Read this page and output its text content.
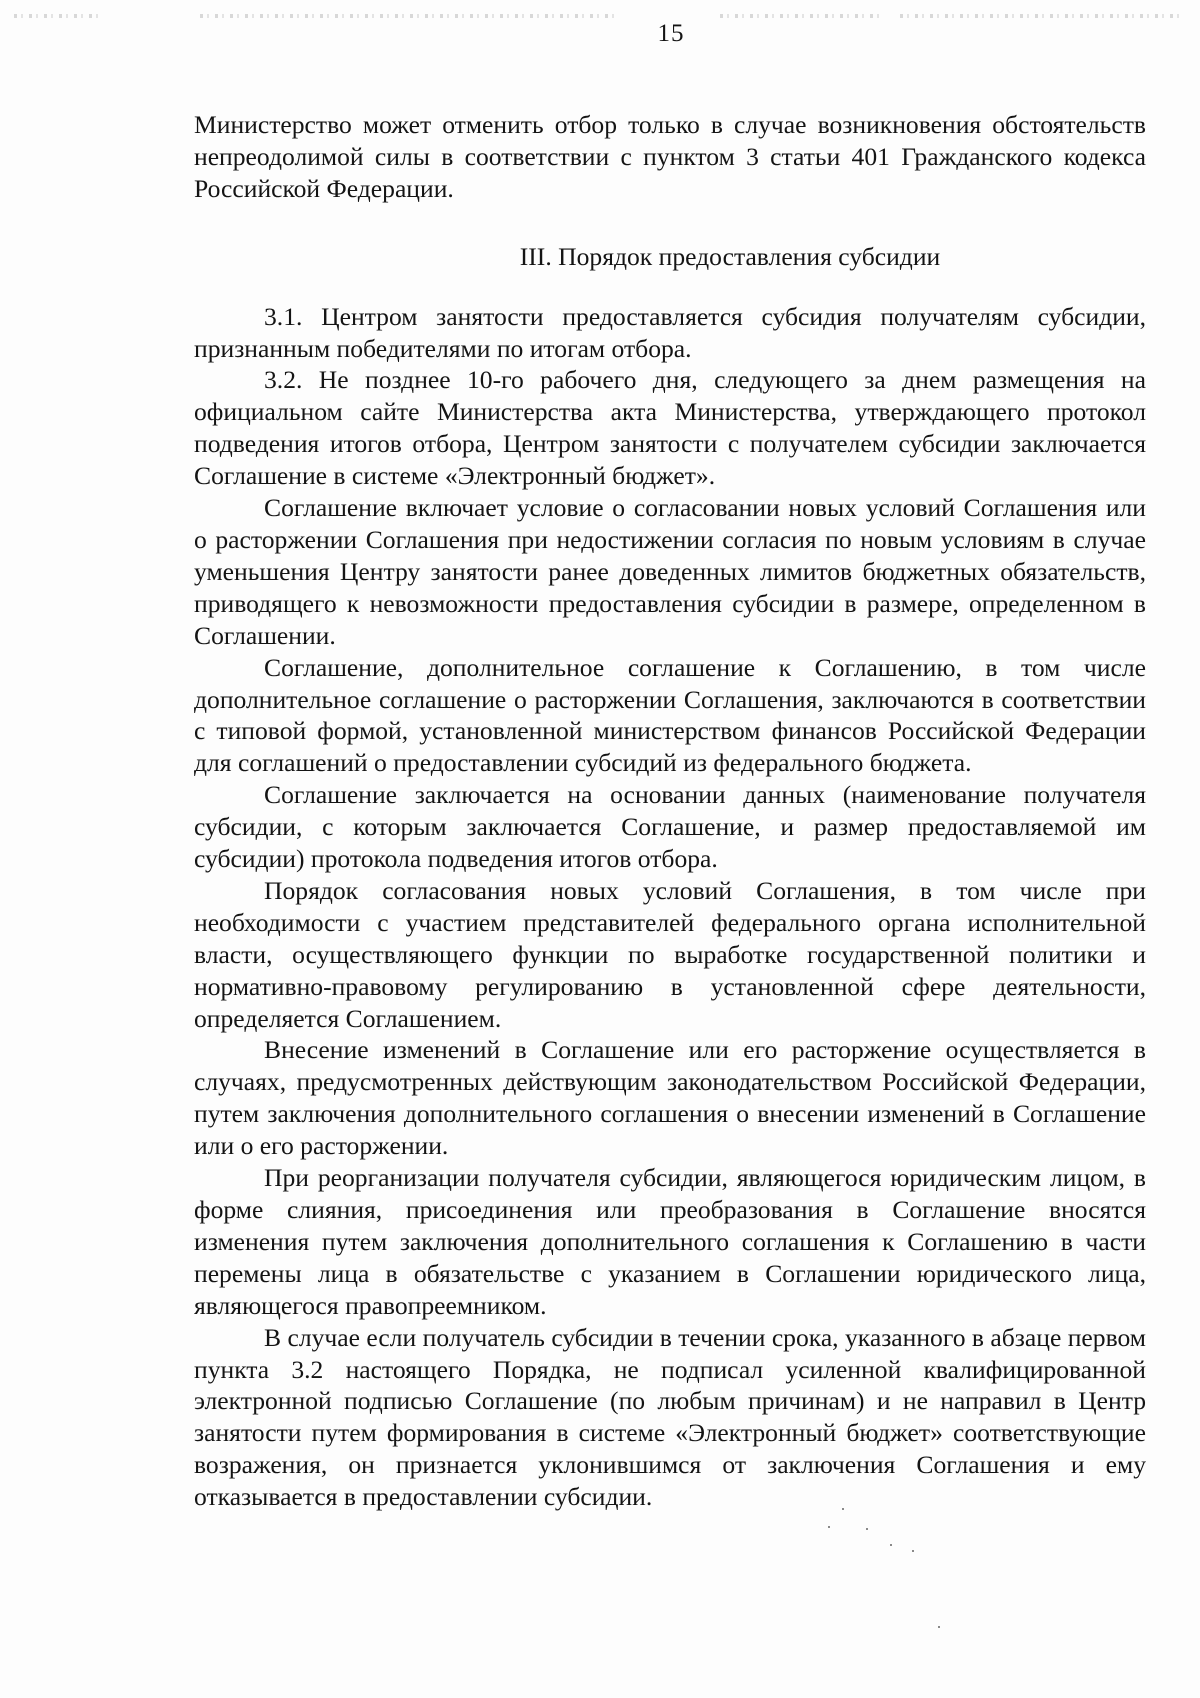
15

Министерство может отменить отбор только в случае возникновения обстоятельств непреодолимой силы в соответствии с пунктом 3 статьи 401 Гражданского кодекса Российской Федерации.

III. Порядок предоставления субсидии

3.1. Центром занятости предоставляется субсидия получателям субсидии, признанным победителями по итогам отбора.

3.2. Не позднее 10-го рабочего дня, следующего за днем размещения на официальном сайте Министерства акта Министерства, утверждающего протокол подведения итогов отбора, Центром занятости с получателем субсидии заключается Соглашение в системе «Электронный бюджет».

Соглашение включает условие о согласовании новых условий Соглашения или о расторжении Соглашения при недостижении согласия по новым условиям в случае уменьшения Центру занятости ранее доведенных лимитов бюджетных обязательств, приводящего к невозможности предоставления субсидии в размере, определенном в Соглашении.

Соглашение, дополнительное соглашение к Соглашению, в том числе дополнительное соглашение о расторжении Соглашения, заключаются в соответствии с типовой формой, установленной министерством финансов Российской Федерации для соглашений о предоставлении субсидий из федерального бюджета.

Соглашение заключается на основании данных (наименование получателя субсидии, с которым заключается Соглашение, и размер предоставляемой им субсидии) протокола подведения итогов отбора.

Порядок согласования новых условий Соглашения, в том числе при необходимости с участием представителей федерального органа исполнительной власти, осуществляющего функции по выработке государственной политики и нормативно-правовому регулированию в установленной сфере деятельности, определяется Соглашением.

Внесение изменений в Соглашение или его расторжение осуществляется в случаях, предусмотренных действующим законодательством Российской Федерации, путем заключения дополнительного соглашения о внесении изменений в Соглашение или о его расторжении.

При реорганизации получателя субсидии, являющегося юридическим лицом, в форме слияния, присоединения или преобразования в Соглашение вносятся изменения путем заключения дополнительного соглашения к Соглашению в части перемены лица в обязательстве с указанием в Соглашении юридического лица, являющегося правопреемником.

В случае если получатель субсидии в течении срока, указанного в абзаце первом пункта 3.2 настоящего Порядка, не подписал усиленной квалифицированной электронной подписью Соглашение (по любым причинам) и не направил в Центр занятости путем формирования в системе «Электронный бюджет» соответствующие возражения, он признается уклонившимся от заключения Соглашения и ему отказывается в предоставлении субсидии.
